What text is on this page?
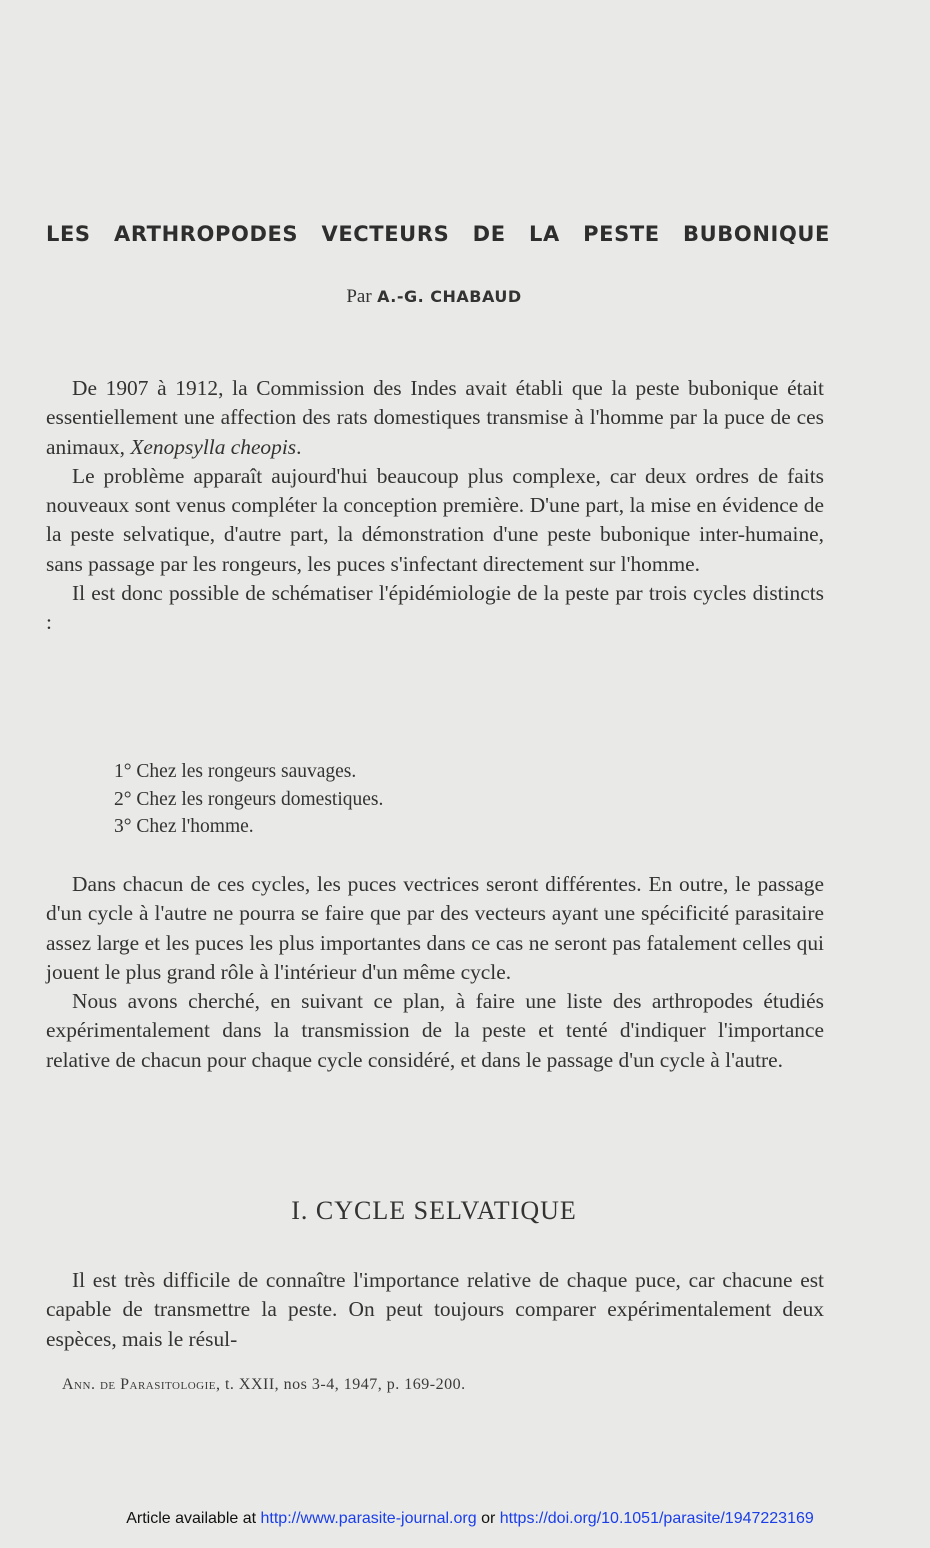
LES ARTHROPODES VECTEURS DE LA PESTE BUBONIQUE
Par A.-G. CHABAUD

De 1907 à 1912, la Commission des Indes avait établi que la peste bubonique était essentiellement une affection des rats domestiques transmise à l'homme par la puce de ces animaux, Xenopsylla cheopis.

Le problème apparaît aujourd'hui beaucoup plus complexe, car deux ordres de faits nouveaux sont venus compléter la conception première. D'une part, la mise en évidence de la peste selvatique, d'autre part, la démonstration d'une peste bubonique inter-humaine, sans passage par les rongeurs, les puces s'infectant directement sur l'homme.

Il est donc possible de schématiser l'épidémiologie de la peste par trois cycles distincts :

1° Chez les rongeurs sauvages.
2° Chez les rongeurs domestiques.
3° Chez l'homme.

Dans chacun de ces cycles, les puces vectrices seront différentes. En outre, le passage d'un cycle à l'autre ne pourra se faire que par des vecteurs ayant une spécificité parasitaire assez large et les puces les plus importantes dans ce cas ne seront pas fatalement celles qui jouent le plus grand rôle à l'intérieur d'un même cycle.

Nous avons cherché, en suivant ce plan, à faire une liste des arthropodes étudiés expérimentalement dans la transmission de la peste et tenté d'indiquer l'importance relative de chacun pour chaque cycle considéré, et dans le passage d'un cycle à l'autre.

I. CYCLE SELVATIQUE

Il est très difficile de connaître l'importance relative de chaque puce, car chacune est capable de transmettre la peste. On peut toujours comparer expérimentalement deux espèces, mais le résul-

Ann. de Parasitologie, t. XXII, nos 3-4, 1947, p. 169-200.
Article available at http://www.parasite-journal.org or https://doi.org/10.1051/parasite/1947223169
